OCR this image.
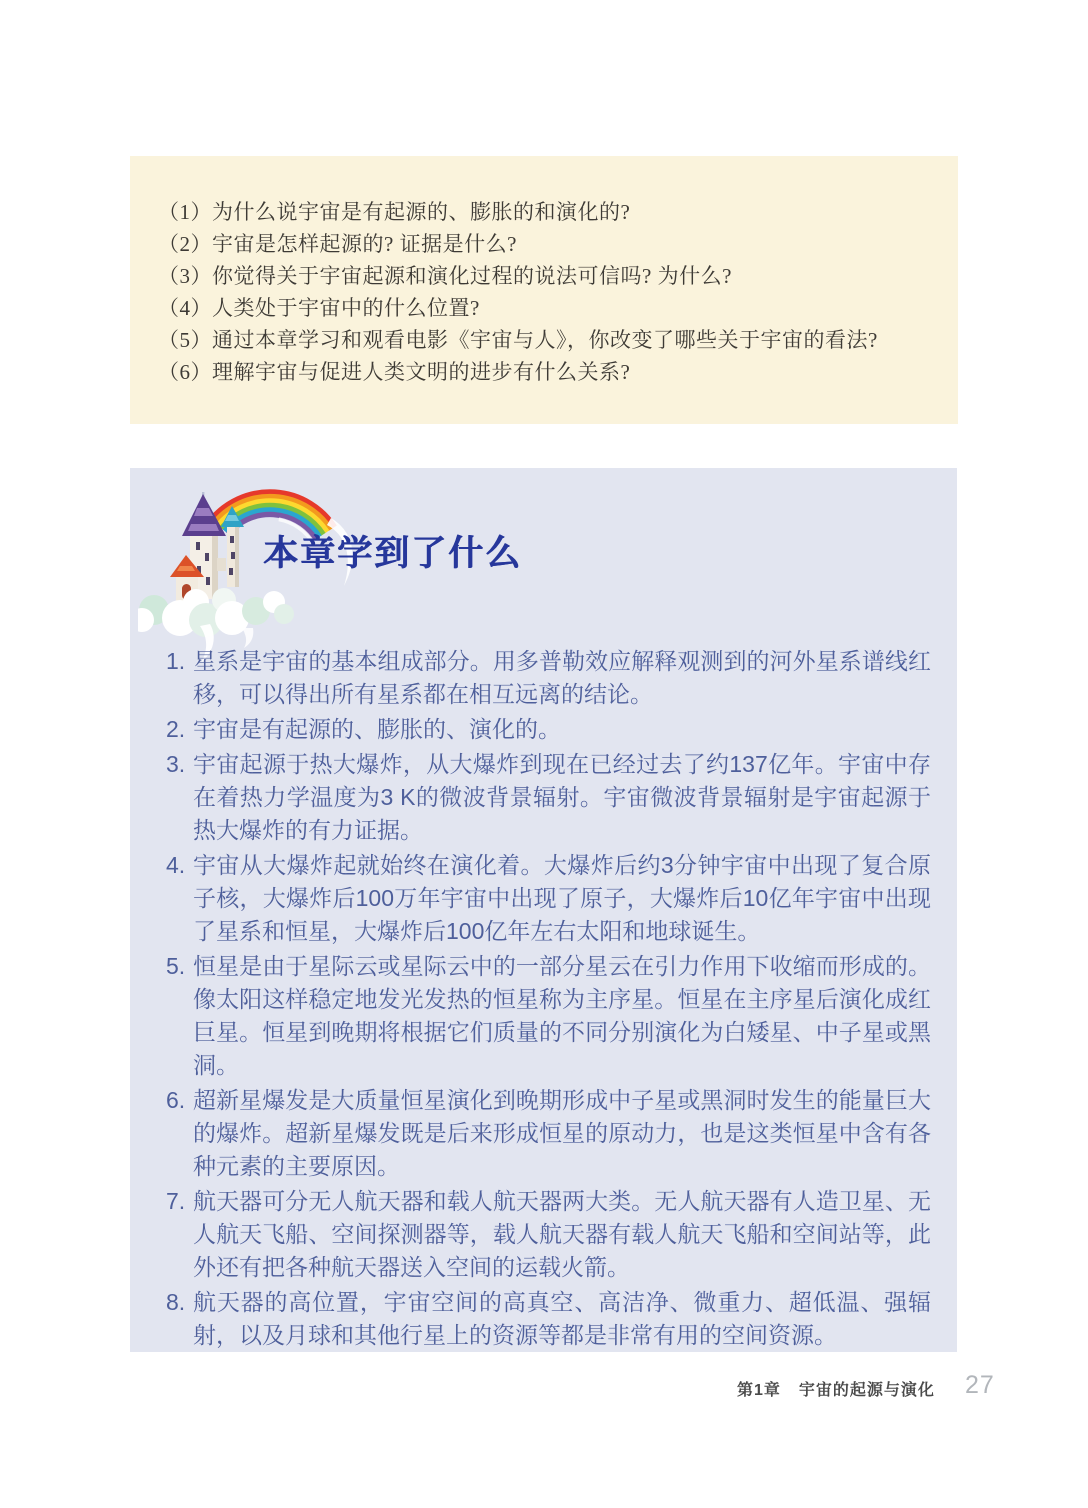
（1）为什么说宇宙是有起源的、膨胀的和演化的?
（2）宇宙是怎样起源的? 证据是什么?
（3）你觉得关于宇宙起源和演化过程的说法可信吗? 为什么?
（4）人类处于宇宙中的什么位置?
（5）通过本章学习和观看电影《宇宙与人》，你改变了哪些关于宇宙的看法?
（6）理解宇宙与促进人类文明的进步有什么关系?
本章学到了什么
1. 星系是宇宙的基本组成部分。用多普勒效应解释观测到的河外星系谱线红移，可以得出所有星系都在相互远离的结论。
2. 宇宙是有起源的、膨胀的、演化的。
3. 宇宙起源于热大爆炸，从大爆炸到现在已经过去了约137亿年。宇宙中存在着热力学温度为3 K的微波背景辐射。宇宙微波背景辐射是宇宙起源于热大爆炸的有力证据。
4. 宇宙从大爆炸起就始终在演化着。大爆炸后约3分钟宇宙中出现了复合原子核，大爆炸后100万年宇宙中出现了原子，大爆炸后10亿年宇宙中出现了星系和恒星，大爆炸后100亿年左右太阳和地球诞生。
5. 恒星是由于星际云或星际云中的一部分星云在引力作用下收缩而形成的。像太阳这样稳定地发光发热的恒星称为主序星。恒星在主序星后演化成红巨星。恒星到晚期将根据它们质量的不同分别演化为白矮星、中子星或黑洞。
6. 超新星爆发是大质量恒星演化到晚期形成中子星或黑洞时发生的能量巨大的爆炸。超新星爆发既是后来形成恒星的原动力，也是这类恒星中含有各种元素的主要原因。
7. 航天器可分无人航天器和载人航天器两大类。无人航天器有人造卫星、无人航天飞船、空间探测器等，载人航天器有载人航天飞船和空间站等，此外还有把各种航天器送入空间的运载火箭。
8. 航天器的高位置，宇宙空间的高真空、高洁净、微重力、超低温、强辐射，以及月球和其他行星上的资源等都是非常有用的空间资源。
第1章 宇宙的起源与演化 27
